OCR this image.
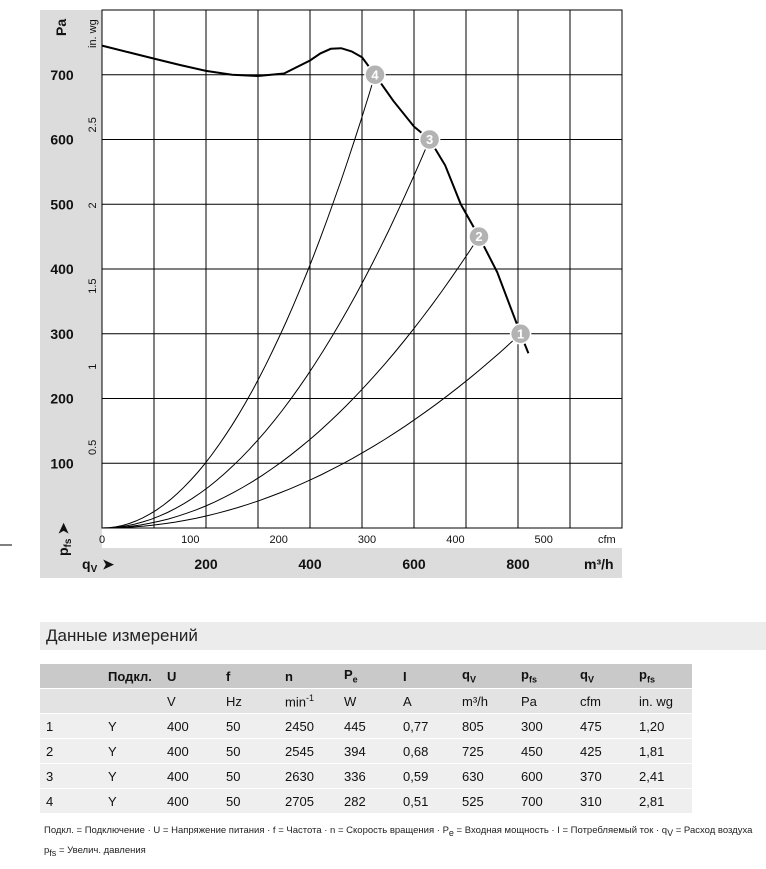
1
2
3
4
100
200
300
400
500
600
700
0.5
1
1.5
2
2.5
0	100	200	300	400	500
200	400	600	800
Pa in. wg
cfm
m³/h
$p_{fs}➤$
$q_V$ ➤
Данные измерений
	Подкл.	U	f	n	$P_e$	I	$q_V$	$p_{fs}$	$q_V$	$p_{fs}$
		V	Hz	$\min^{-1}$	W	A	m³/h	Pa	cfm	in. wg
1	Y	400	50	2450	445	0,77	805	300	475	1,20
2	Y	400	50	2545	394	0,68	725	450	425	1,81
3	Y	400	50	2630	336	0,59	630	600	370	2,41
4	Y	400	50	2705	282	0,51	525	700	310	2,81
Подкл. = Подключение · U = Напряжение питания · f = Частота · n = Скорость вращения · $P_e$ = Входная мощность · I = Потребляемый ток · $q_V$ = Расход воздуха
$p_{fs}$ = Увелич. давления
